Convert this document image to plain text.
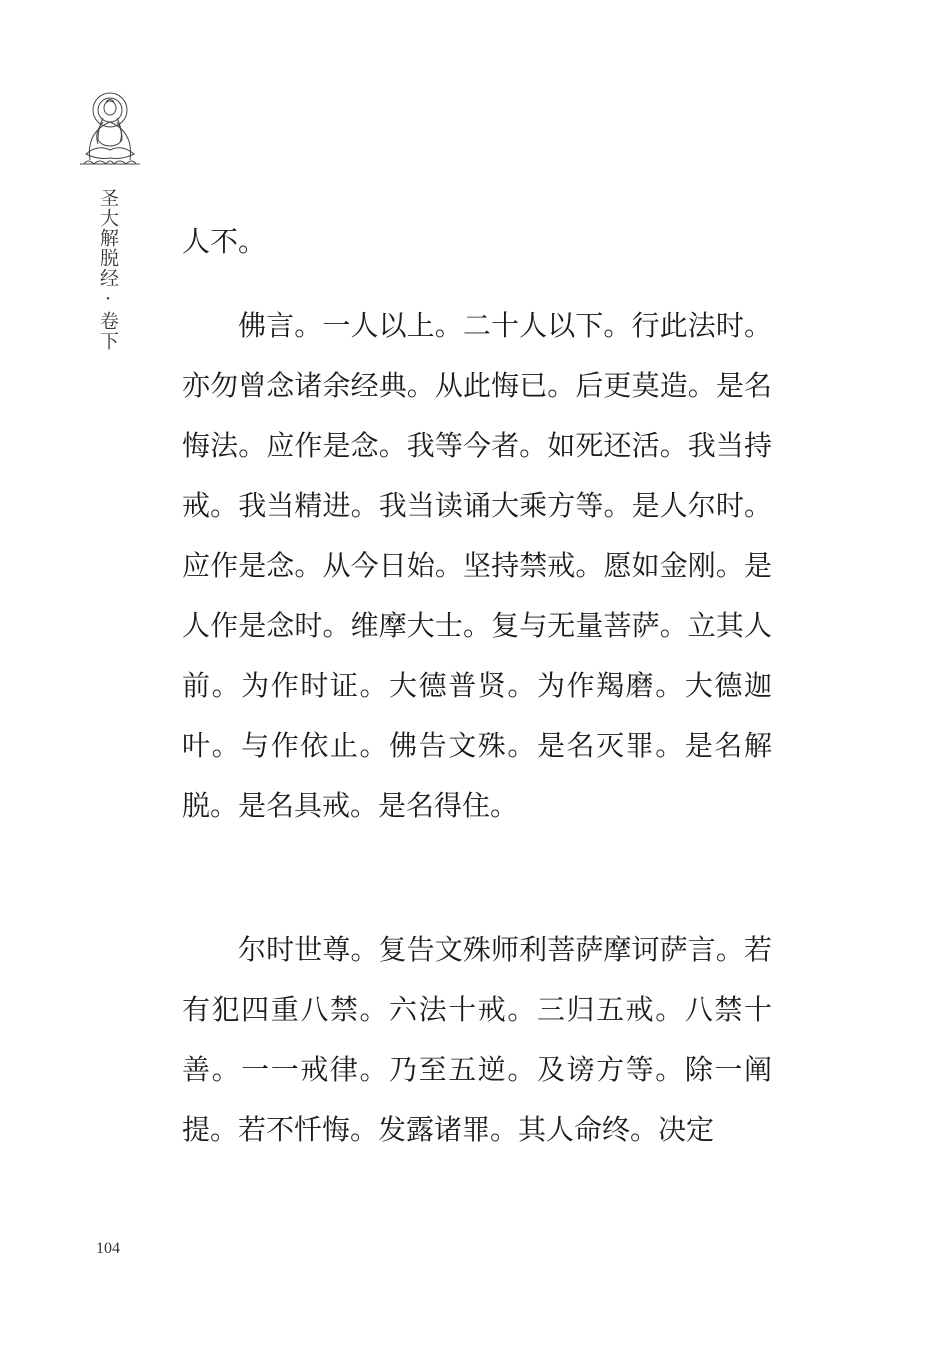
圣大解脱经·卷下 人不。

佛言。一人以上。二十人以下。行此法时。亦勿曾念诸余经典。从此悔已。后更莫造。是名悔法。应作是念。我等今者。如死还活。我当持戒。我当精进。我当读诵大乘方等。是人尔时。应作是念。从今日始。坚持禁戒。愿如金刚。是人作是念时。维摩大士。复与无量菩萨。立其人前。为作时证。大德普贤。为作羯磨。大德迦叶。与作依止。佛告文殊。是名灭罪。是名解脱。是名具戒。是名得住。

尔时世尊。复告文殊师利菩萨摩诃萨言。若有犯四重八禁。六法十戒。三归五戒。八禁十善。一一戒律。乃至五逆。及谤方等。除一阐提。若不忏悔。发露诸罪。其人命终。决定

104
